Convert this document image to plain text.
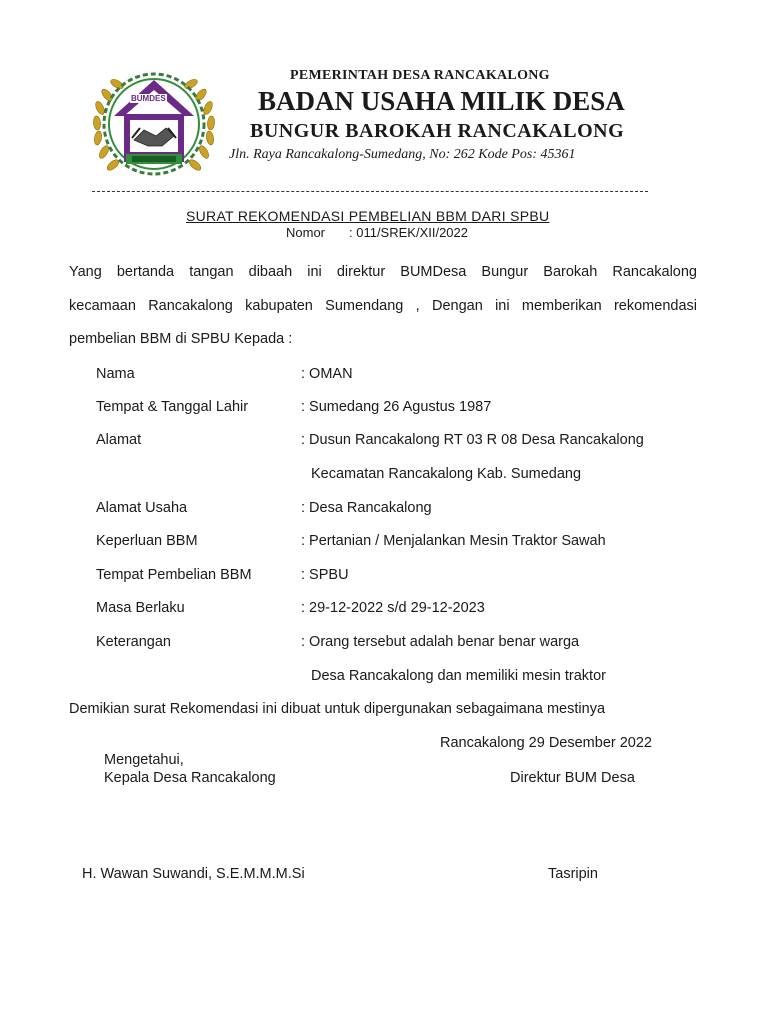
BUMDES
PEMERINTAH DESA RANCAKALONG
BADAN USAHA MILIK DESA
BUNGUR BAROKAH RANCAKALONG
Jln. Raya Rancakalong-Sumedang, No: 262 Kode Pos: 45361
SURAT REKOMENDASI PEMBELIAN BBM DARI SPBU
Nomor : 011/SREK/XII/2022
Yang bertanda tangan dibaah ini direktur BUMDesa Bungur Barokah Rancakalong
kecamaan Rancakalong kabupaten Sumendang , Dengan ini memberikan rekomendasi
pembelian BBM di SPBU Kepada :
Nama	: OMAN
Tempat & Tanggal Lahir	: Sumedang 26 Agustus 1987
Alamat	: Dusun Rancakalong RT 03 R 08 Desa Rancakalong
Kecamatan Rancakalong Kab. Sumedang
Alamat Usaha	: Desa Rancakalong
Keperluan BBM	: Pertanian / Menjalankan Mesin Traktor Sawah
Tempat Pembelian BBM	: SPBU
Masa Berlaku	: 29-12-2022 s/d 29-12-2023
Keterangan	: Orang tersebut adalah benar benar warga
Desa Rancakalong dan memiliki mesin traktor
Demikian surat Rekomendasi ini dibuat untuk dipergunakan sebagaimana mestinya
Rancakalong 29 Desember 2022
Mengetahui,
Kepala Desa Rancakalong	Direktur BUM Desa
H. Wawan Suwandi, S.E.M.M.M.Si	Tasripin
